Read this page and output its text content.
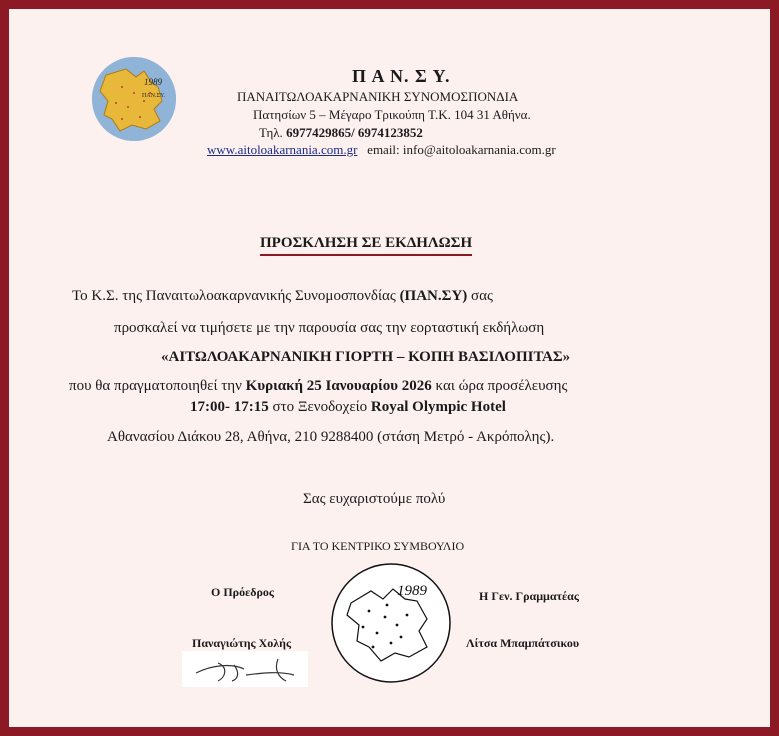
1989
ΠΑΝ.ΣΥ.
Π Α Ν. Σ Υ.
ΠΑΝΑΙΤΩΛΟΑΚΑΡΝΑΝΙΚΗ ΣΥΝΟΜΟΣΠΟΝΔΙΑ
Πατησίων 5 – Μέγαρο Τρικούπη Τ.Κ. 104 31 Αθήνα.
Τηλ. 6977429865/ 6974123852
www.aitoloakarnania.com.gr email: info@aitoloakarnania.com.gr
ΠΡΟΣΚΛΗΣΗ ΣΕ ΕΚΔΗΛΩΣΗ
Το Κ.Σ. της Παναιτωλοακαρνανικής Συνομοσπονδίας (ΠΑΝ.ΣΥ) σας
προσκαλεί να τιμήσετε με την παρουσία σας την εορταστική εκδήλωση
«ΑΙΤΩΛΟΑΚΑΡΝΑΝΙΚΗ ΓΙΟΡΤΗ – ΚΟΠΗ ΒΑΣΙΛΟΠΙΤΑΣ»
που θα πραγματοποιηθεί την Κυριακή 25 Ιανουαρίου 2026 και ώρα προσέλευσης
17:00- 17:15 στο Ξενοδοχείο Royal Olympic Hotel
Αθανασίου Διάκου 28, Αθήνα, 210 9288400 (στάση Μετρό - Ακρόπολης).
Σας ευχαριστούμε πολύ
ΓΙΑ ΤΟ ΚΕΝΤΡΙΚΟ ΣΥΜΒΟΥΛΙΟ
Ο Πρόεδρος	Η Γεν. Γραμματέας
Παναγιώτης Χολής	Λίτσα Μπαμπάτσικου
1989
